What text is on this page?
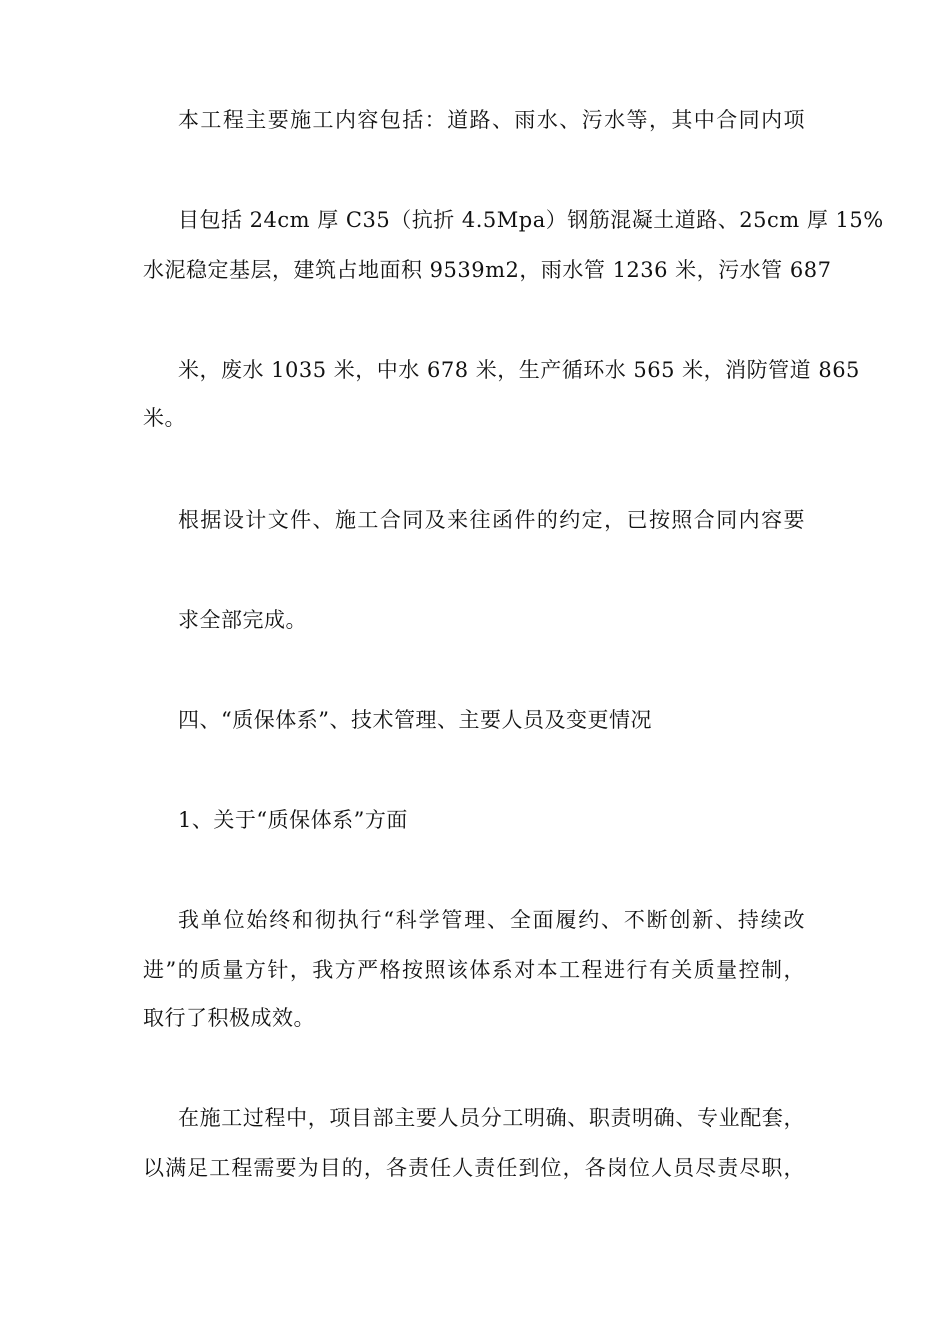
本工程主要施工内容包括：道路、雨水、污水等，其中合同内项
目包括 24cm 厚 C35（抗折 4.5Mpa）钢筋混凝土道路、25cm 厚 15%
水泥稳定基层，建筑占地面积 9539m2，雨水管 1236 米，污水管 687
米，废水 1035 米，中水 678 米，生产循环水 565 米，消防管道 865
米。
根据设计文件、施工合同及来往函件的约定，已按照合同内容要
求全部完成。
四、“质保体系”、技术管理、主要人员及变更情况
1、关于“质保体系”方面
我单位始终和彻执行“科学管理、全面履约、不断创新、持续改
进”的质量方针，我方严格按照该体系对本工程进行有关质量控制，
取行了积极成效。
在施工过程中，项目部主要人员分工明确、职责明确、专业配套，
以满足工程需要为目的，各责任人责任到位，各岗位人员尽责尽职，
